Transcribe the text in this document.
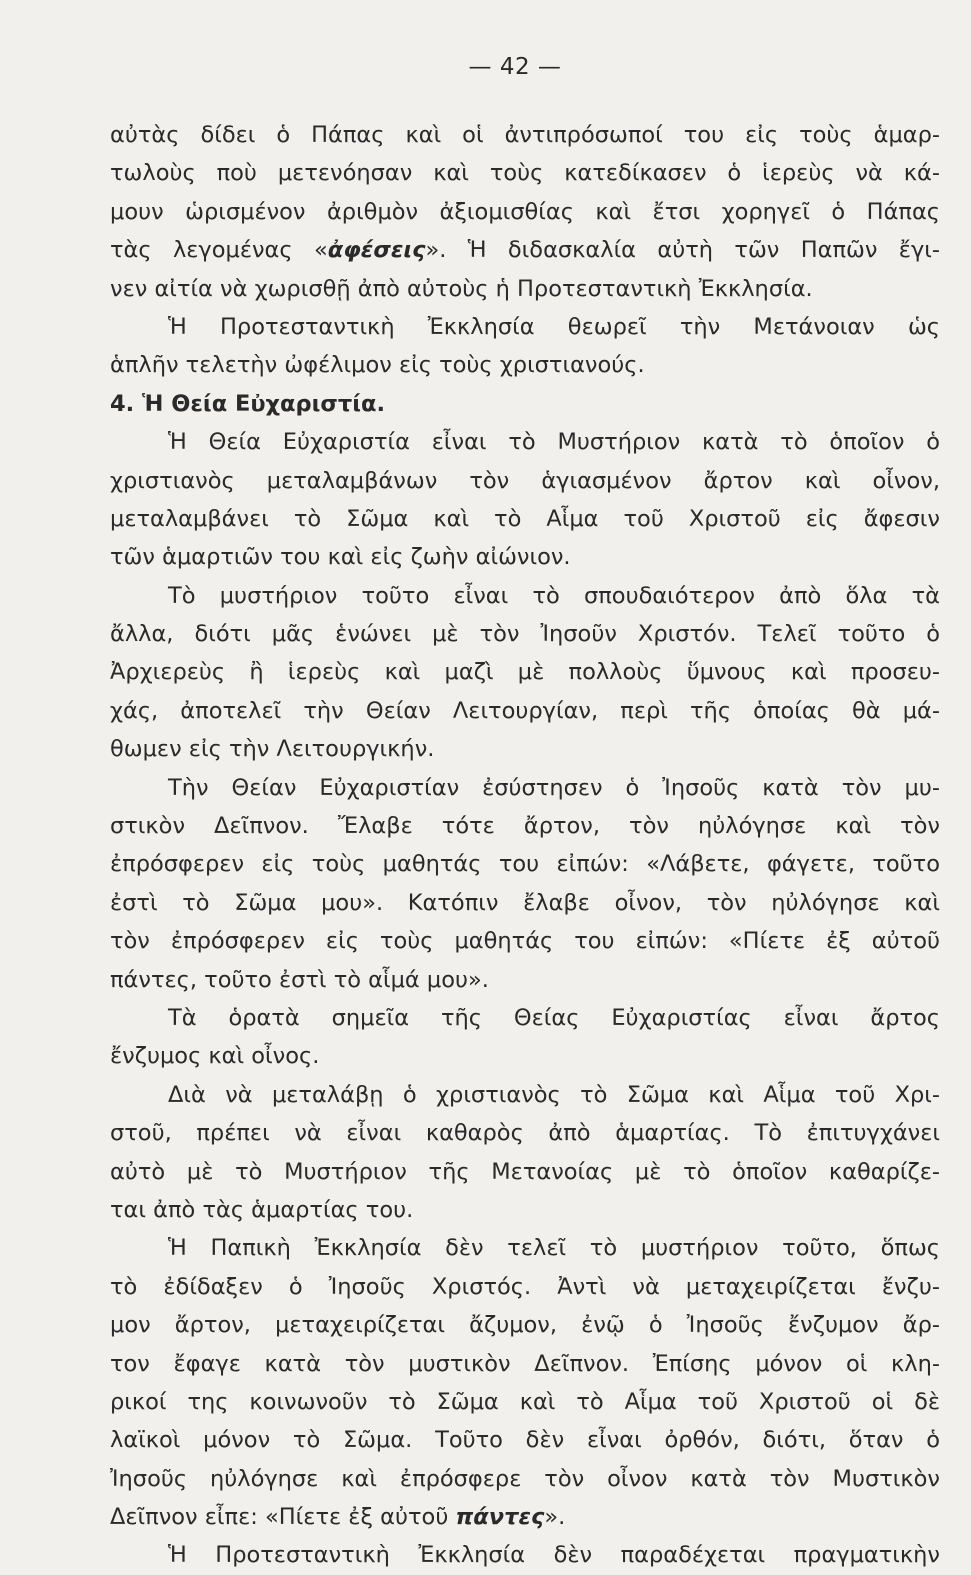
— 42 —
αὐτὰς δίδει ὁ Πάπας καὶ οἱ ἀντιπρόσωποί του εἰς τοὺς ἁμαρ-
τωλοὺς ποὺ μετενόησαν καὶ τοὺς κατεδίκασεν ὁ ἱερεὺς νὰ κά-
μουν ὡρισμένον ἀριθμὸν ἀξιομισθίας καὶ ἔτσι χορηγεῖ ὁ Πάπας
τὰς λεγομένας «ἀφέσεις». Ἡ διδασκαλία αὐτὴ τῶν Παπῶν ἔγι-
νεν αἰτία νὰ χωρισθῇ ἀπὸ αὐτοὺς ἡ Προτεσταντικὴ Ἐκκλησία.
Ἡ Προτεσταντικὴ Ἐκκλησία θεωρεῖ τὴν Μετάνοιαν ὡς
ἁπλῆν τελετὴν ὠφέλιμον εἰς τοὺς χριστιανούς.
4. Ἡ Θεία Εὐχαριστία.
Ἡ Θεία Εὐχαριστία εἶναι τὸ Μυστήριον κατὰ τὸ ὁποῖον ὁ
χριστιανὸς μεταλαμβάνων τὸν ἁγιασμένον ἄρτον καὶ οἶνον,
μεταλαμβάνει τὸ Σῶμα καὶ τὸ Αἷμα τοῦ Χριστοῦ εἰς ἄφεσιν
τῶν ἁμαρτιῶν του καὶ εἰς ζωὴν αἰώνιον.
Τὸ μυστήριον τοῦτο εἶναι τὸ σπουδαιότερον ἀπὸ ὅλα τὰ
ἄλλα, διότι μᾶς ἑνώνει μὲ τὸν Ἰησοῦν Χριστόν. Τελεῖ τοῦτο ὁ
Ἀρχιερεὺς ἢ ἱερεὺς καὶ μαζὶ μὲ πολλοὺς ὕμνους καὶ προσευ-
χάς, ἀποτελεῖ τὴν Θείαν Λειτουργίαν, περὶ τῆς ὁποίας θὰ μά-
θωμεν εἰς τὴν Λειτουργικήν.
Τὴν Θείαν Εὐχαριστίαν ἐσύστησεν ὁ Ἰησοῦς κατὰ τὸν μυ-
στικὸν Δεῖπνον. Ἔλαβε τότε ἄρτον, τὸν ηὐλόγησε καὶ τὸν
ἐπρόσφερεν εἰς τοὺς μαθητάς του εἰπών: «Λάβετε, φάγετε, τοῦτο
ἐστὶ τὸ Σῶμα μου». Κατόπιν ἔλαβε οἶνον, τὸν ηὐλόγησε καὶ
τὸν ἐπρόσφερεν εἰς τοὺς μαθητάς του εἰπών: «Πίετε ἐξ αὐτοῦ
πάντες, τοῦτο ἐστὶ τὸ αἷμά μου».
Τὰ ὁρατὰ σημεῖα τῆς Θείας Εὐχαριστίας εἶναι ἄρτος
ἔνζυμος καὶ οἶνος.
Διὰ νὰ μεταλάβῃ ὁ χριστιανὸς τὸ Σῶμα καὶ Αἷμα τοῦ Χρι-
στοῦ, πρέπει νὰ εἶναι καθαρὸς ἀπὸ ἁμαρτίας. Τὸ ἐπιτυγχάνει
αὐτὸ μὲ τὸ Μυστήριον τῆς Μετανοίας μὲ τὸ ὁποῖον καθαρίζε-
ται ἀπὸ τὰς ἁμαρτίας του.
Ἡ Παπικὴ Ἐκκλησία δὲν τελεῖ τὸ μυστήριον τοῦτο, ὅπως
τὸ ἐδίδαξεν ὁ Ἰησοῦς Χριστός. Ἀντὶ νὰ μεταχειρίζεται ἔνζυ-
μον ἄρτον, μεταχειρίζεται ἄζυμον, ἐνῷ ὁ Ἰησοῦς ἔνζυμον ἄρ-
τον ἔφαγε κατὰ τὸν μυστικὸν Δεῖπνον. Ἐπίσης μόνον οἱ κλη-
ρικοί της κοινωνοῦν τὸ Σῶμα καὶ τὸ Αἷμα τοῦ Χριστοῦ οἱ δὲ
λαϊκοὶ μόνον τὸ Σῶμα. Τοῦτο δὲν εἶναι ὀρθόν, διότι, ὅταν ὁ
Ἰησοῦς ηὐλόγησε καὶ ἐπρόσφερε τὸν οἶνον κατὰ τὸν Μυστικὸν
Δεῖπνον εἶπε: «Πίετε ἐξ αὐτοῦ πάντες».
Ἡ Προτεσταντικὴ Ἐκκλησία δὲν παραδέχεται πραγματικὴν
